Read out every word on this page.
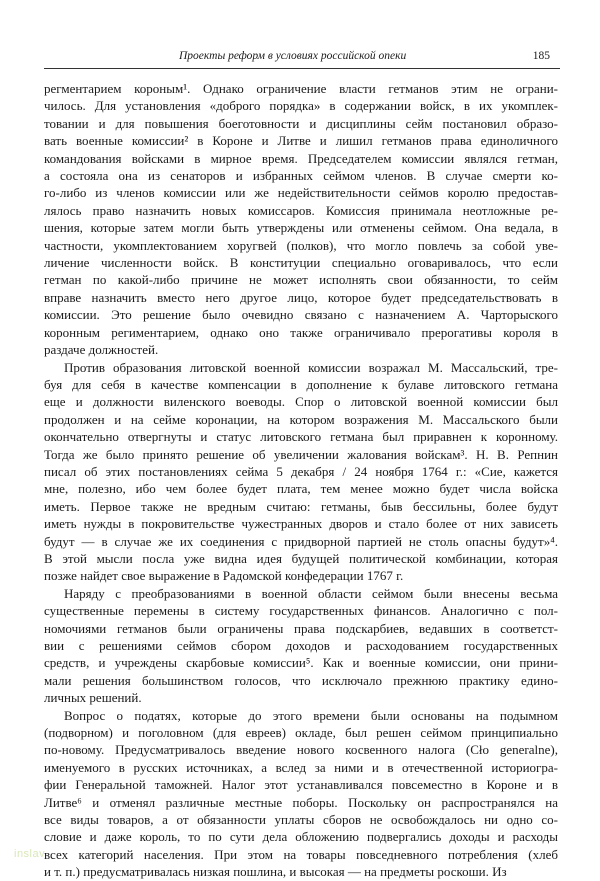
Проекты реформ в условиях российской опеки	185
регментарием короным¹. Однако ограничение власти гетманов этим не ограни-
чилось. Для установления «доброго порядка» в содержании войск, в их укомплек-
товании и для повышения боеготовности и дисциплины сейм постановил образо-
вать военные комиссии² в Короне и Литве и лишил гетманов права единоличного
командования войсками в мирное время. Председателем комиссии являлся гетман,
а состояла она из сенаторов и избранных сеймом членов. В случае смерти ко-
го-либо из членов комиссии или же недействительности сеймов королю предостав-
лялось право назначить новых комиссаров. Комиссия принимала неотложные ре-
шения, которые затем могли быть утверждены или отменены сеймом. Она ведала, в
частности, укомплектованием хоругвей (полков), что могло повлечь за собой уве-
личение численности войск. В конституции специально оговаривалось, что если
гетман по какой-либо причине не может исполнять свои обязанности, то сейм
вправе назначить вместо него другое лицо, которое будет председательствовать в
комиссии. Это решение было очевидно связано с назначением А. Чарторыского
коронным региментарием, однако оно также ограничивало прерогативы короля в
раздаче должностей.
Против образования литовской военной комиссии возражал М. Массальский, тре-
буя для себя в качестве компенсации в дополнение к булаве литовского гетмана
еще и должности виленского воеводы. Спор о литовской военной комиссии был
продолжен и на сейме коронации, на котором возражения М. Массальского были
окончательно отвергнуты и статус литовского гетмана был приравнен к коронному.
Тогда же было принято решение об увеличении жалования войскам³. Н. В. Репнин
писал об этих постановлениях сейма 5 декабря / 24 ноября 1764 г.: «Сие, кажется
мне, полезно, ибо чем более будет плата, тем менее можно будет числа войска
иметь. Первое также не вредным считаю: гетманы, быв бессильны, более будут
иметь нужды в покровительстве чужестранных дворов и стало более от них зависеть
будут — в случае же их соединения с придворной партией не столь опасны будут»⁴.
В этой мысли посла уже видна идея будущей политической комбинации, которая
позже найдет свое выражение в Радомской конфедерации 1767 г.
Наряду с преобразованиями в военной области сеймом были внесены весьма
существенные перемены в систему государственных финансов. Аналогично с пол-
номочиями гетманов были ограничены права подскарбиев, ведавших в соответст-
вии с решениями сеймов сбором доходов и расходованием государственных
средств, и учреждены скарбовые комиссии⁵. Как и военные комиссии, они прини-
мали решения большинством голосов, что исключало прежнюю практику едино-
личных решений.
Вопрос о податях, которые до этого времени были основаны на подымном
(подворном) и поголовном (для евреев) окладе, был решен сеймом принципиально
по-новому. Предусматривалось введение нового косвенного налога (Сło generalne),
именуемого в русских источниках, а вслед за ними и в отечественной историогра-
фии Генеральной таможней. Налог этот устанавливался повсеместно в Короне и в
Литве⁶ и отменял различные местные поборы. Поскольку он распространялся на
все виды товаров, а от обязанности уплаты сборов не освобождалось ни одно со-
словие и даже король, то по сути дела обложению подвергались доходы и расходы
всех категорий населения. При этом на товары повседневного потребления (хлеб
и т. п.) предусматривалась низкая пошлина, и высокая — на предметы роскоши. Из
inslav
